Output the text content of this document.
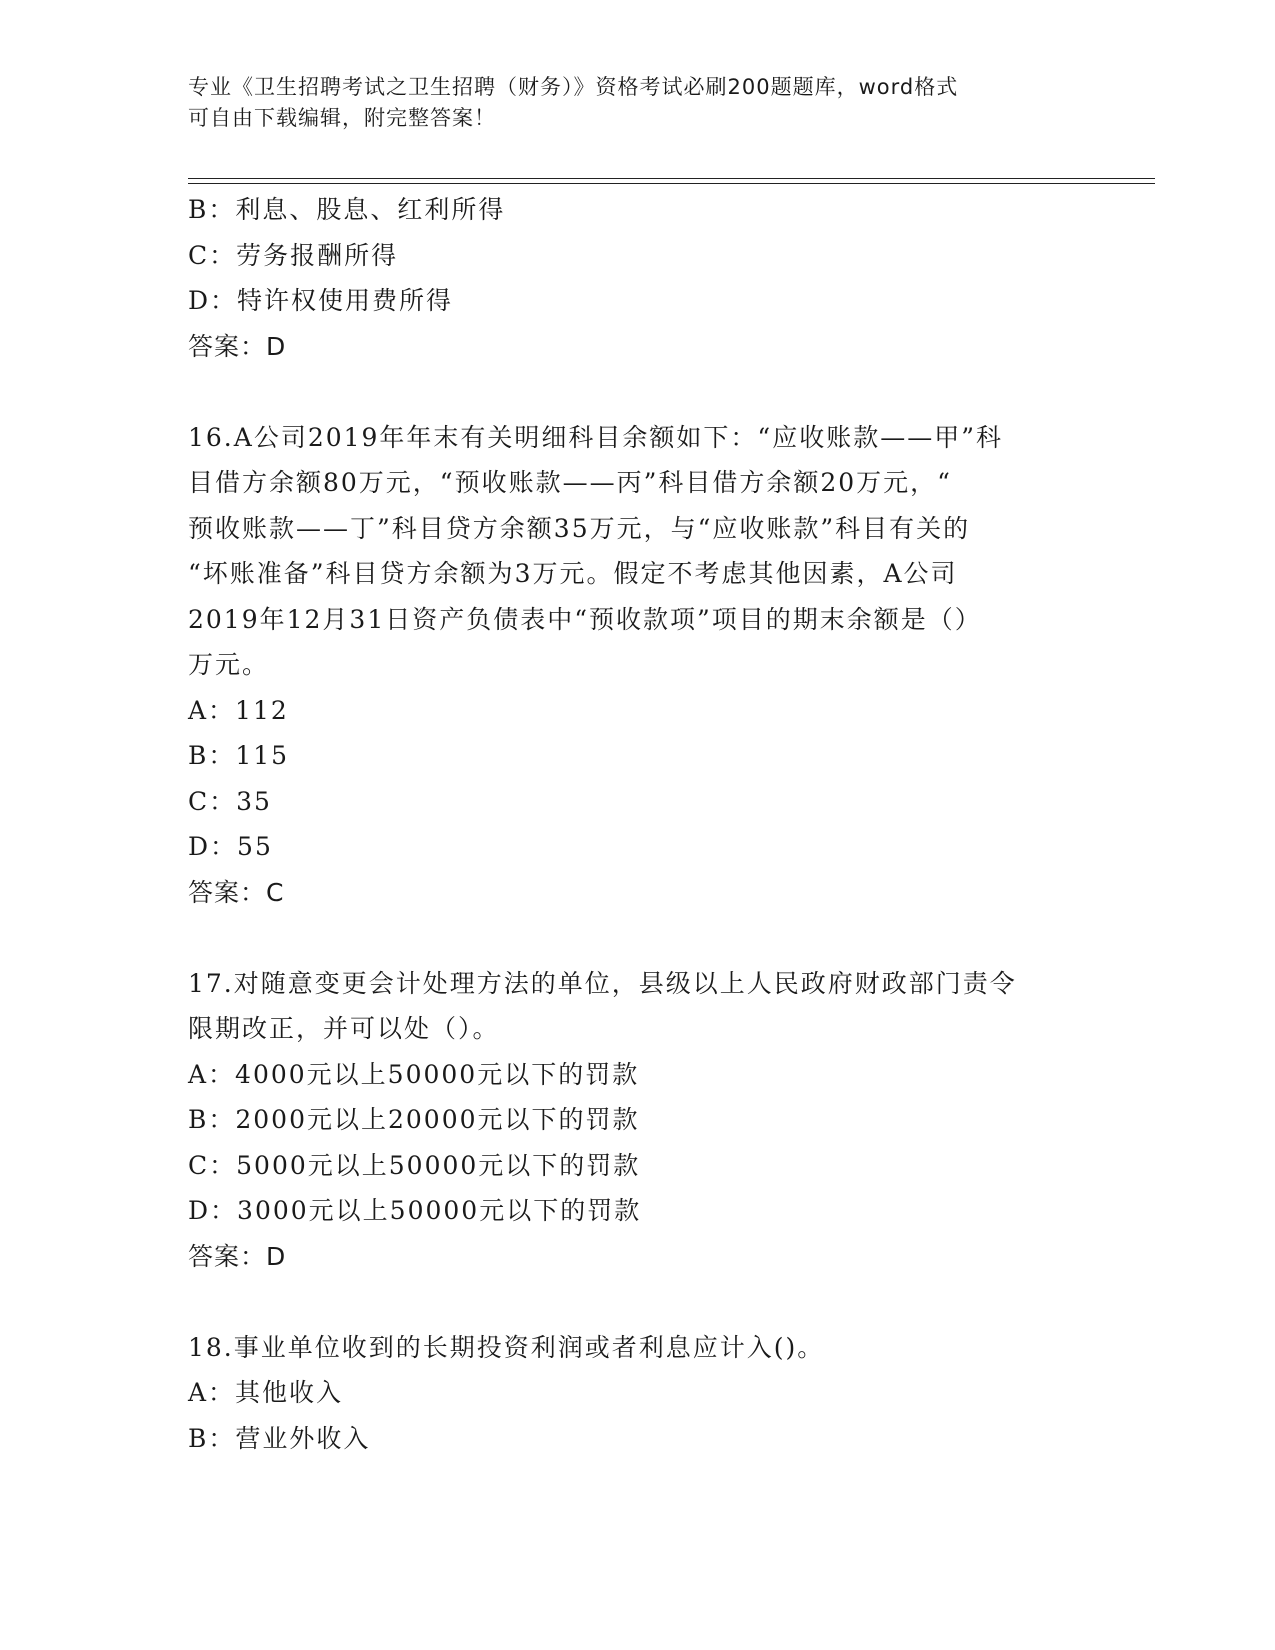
专业《卫生招聘考试之卫生招聘（财务）》资格考试必刷200题题库，word格式
可自由下载编辑，附完整答案！
B：利息、股息、红利所得
C：劳务报酬所得
D：特许权使用费所得
答案：D
16.A公司2019年年末有关明细科目余额如下：“应收账款——甲”科
目借方余额80万元，“预收账款——丙”科目借方余额20万元，“
预收账款——丁”科目贷方余额35万元，与“应收账款”科目有关的
“坏账准备”科目贷方余额为3万元。假定不考虑其他因素，A公司
2019年12月31日资产负债表中“预收款项”项目的期末余额是（）
万元。
A：112
B：115
C：35
D：55
答案：C
17.对随意变更会计处理方法的单位，县级以上人民政府财政部门责令
限期改正，并可以处（）。
A：4000元以上50000元以下的罚款
B：2000元以上20000元以下的罚款
C：5000元以上50000元以下的罚款
D：3000元以上50000元以下的罚款
答案：D
18.事业单位收到的长期投资利润或者利息应计入()。
A：其他收入
B：营业外收入
